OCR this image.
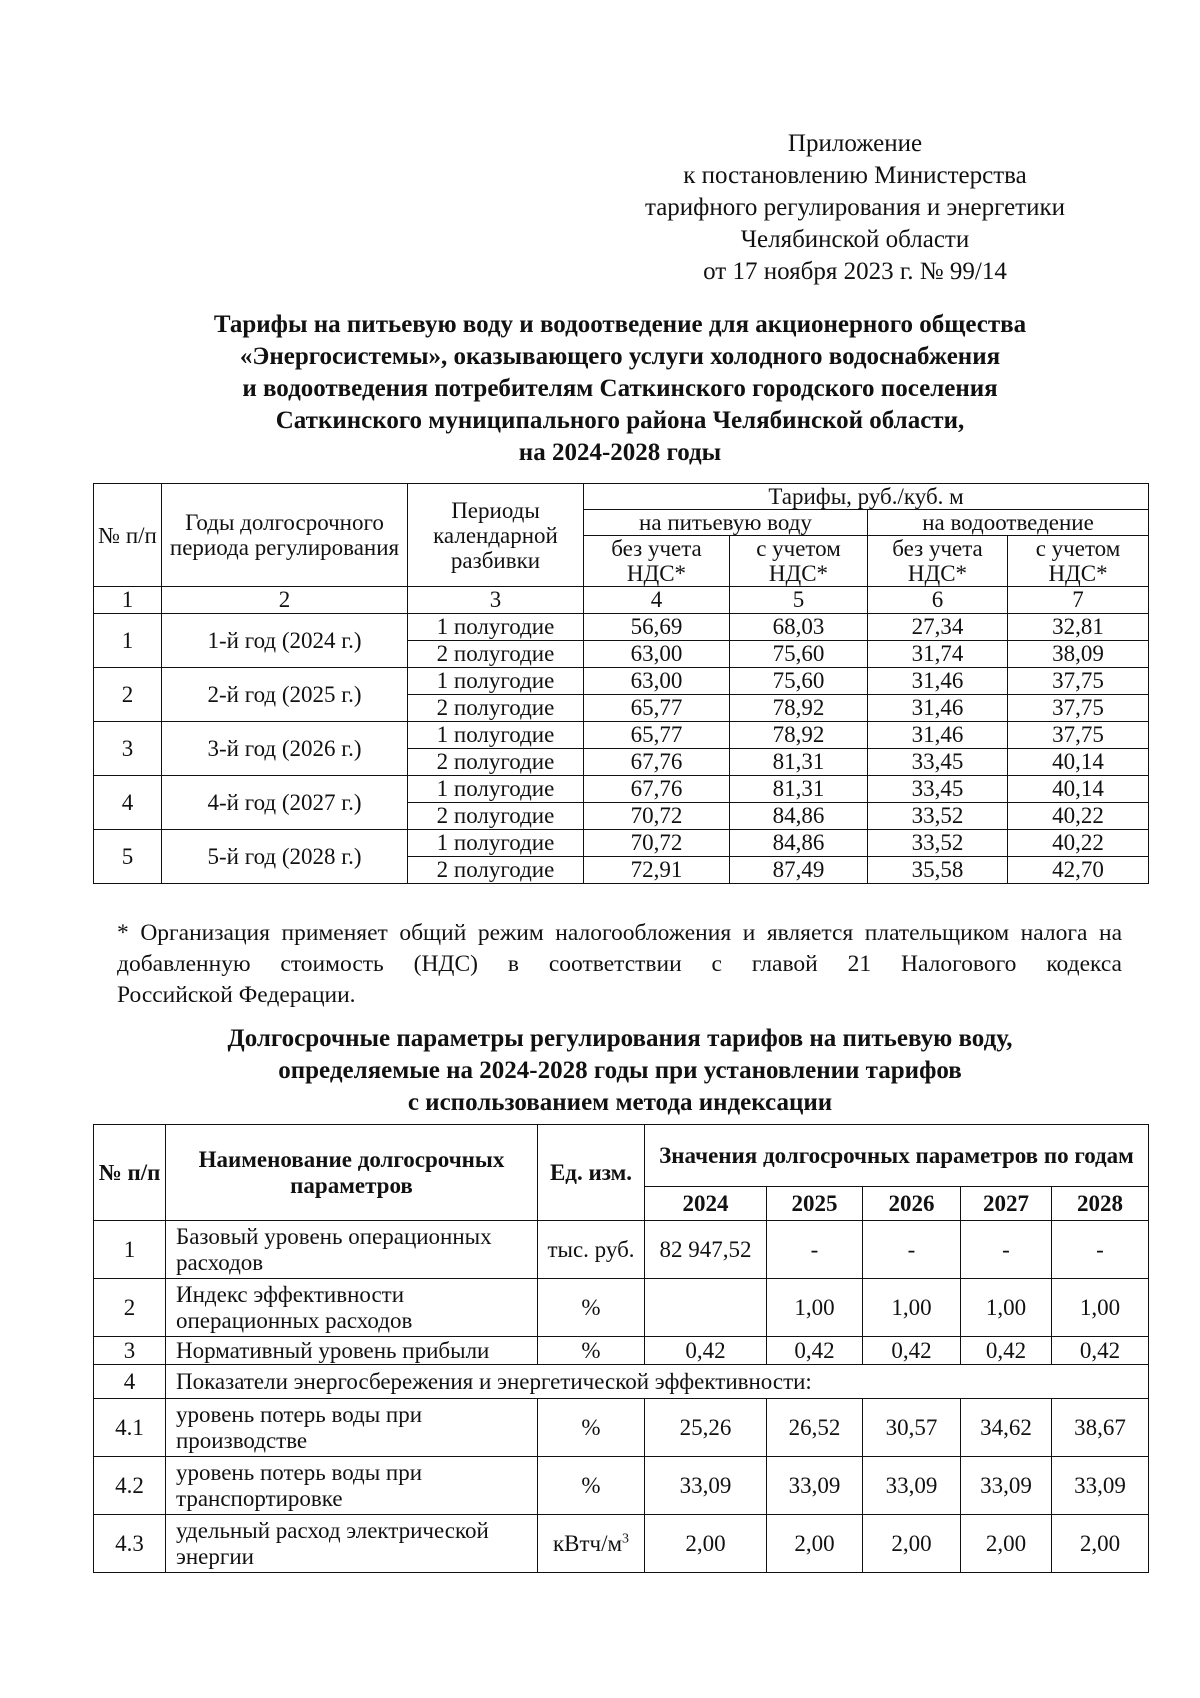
Приложение
к постановлению Министерства
тарифного регулирования и энергетики
Челябинской области
от 17 ноября 2023 г. № 99/14
Тарифы на питьевую воду и водоотведение для акционерного общества
«Энергосистемы», оказывающего услуги холодного водоснабжения
и водоотведения потребителям Саткинского городского поселения
Саткинского муниципального района Челябинской области,
на 2024-2028 годы
№ п/п	Годы долгосрочного периода регулирования	Периоды календарной разбивки	Тарифы, руб./куб. м			
			на питьевую воду		на водоотведение	
			без учета НДС*	с учетом НДС*	без учета НДС*	с учетом НДС*
1	2	3	4	5	6	7
1	1-й год (2024 г.)	1 полугодие	56,69	68,03	27,34	32,81
		2 полугодие	63,00	75,60	31,74	38,09
2	2-й год (2025 г.)	1 полугодие	63,00	75,60	31,46	37,75
		2 полугодие	65,77	78,92	31,46	37,75
3	3-й год (2026 г.)	1 полугодие	65,77	78,92	31,46	37,75
		2 полугодие	67,76	81,31	33,45	40,14
4	4-й год (2027 г.)	1 полугодие	67,76	81,31	33,45	40,14
		2 полугодие	70,72	84,86	33,52	40,22
5	5-й год (2028 г.)	1 полугодие	70,72	84,86	33,52	40,22
		2 полугодие	72,91	87,49	35,58	42,70
* Организация применяет общий режим налогообложения и является плательщиком налога на добавленную стоимость (НДС) в соответствии с главой 21 Налогового кодекса
Российской Федерации.
Долгосрочные параметры регулирования тарифов на питьевую воду,
определяемые на 2024-2028 годы при установлении тарифов
с использованием метода индексации
№ п/п	Наименование долгосрочных параметров	Ед. изм.	Значения долгосрочных параметров по годам				
			2024	2025	2026	2027	2028
1	Базовый уровень операционных расходов	тыс. руб.	82 947,52	-	-	-	-
2	Индекс эффективности операционных расходов	%		1,00	1,00	1,00	1,00
3	Нормативный уровень прибыли	%	0,42	0,42	0,42	0,42	0,42
4	Показатели энергосбережения и энергетической эффективности:						
4.1	уровень потерь воды при производстве	%	25,26	26,52	30,57	34,62	38,67
4.2	уровень потерь воды при транспортировке	%	33,09	33,09	33,09	33,09	33,09
4.3	удельный расход электрической энергии	кВтч/$м^3$	2,00	2,00	2,00	2,00	2,00
